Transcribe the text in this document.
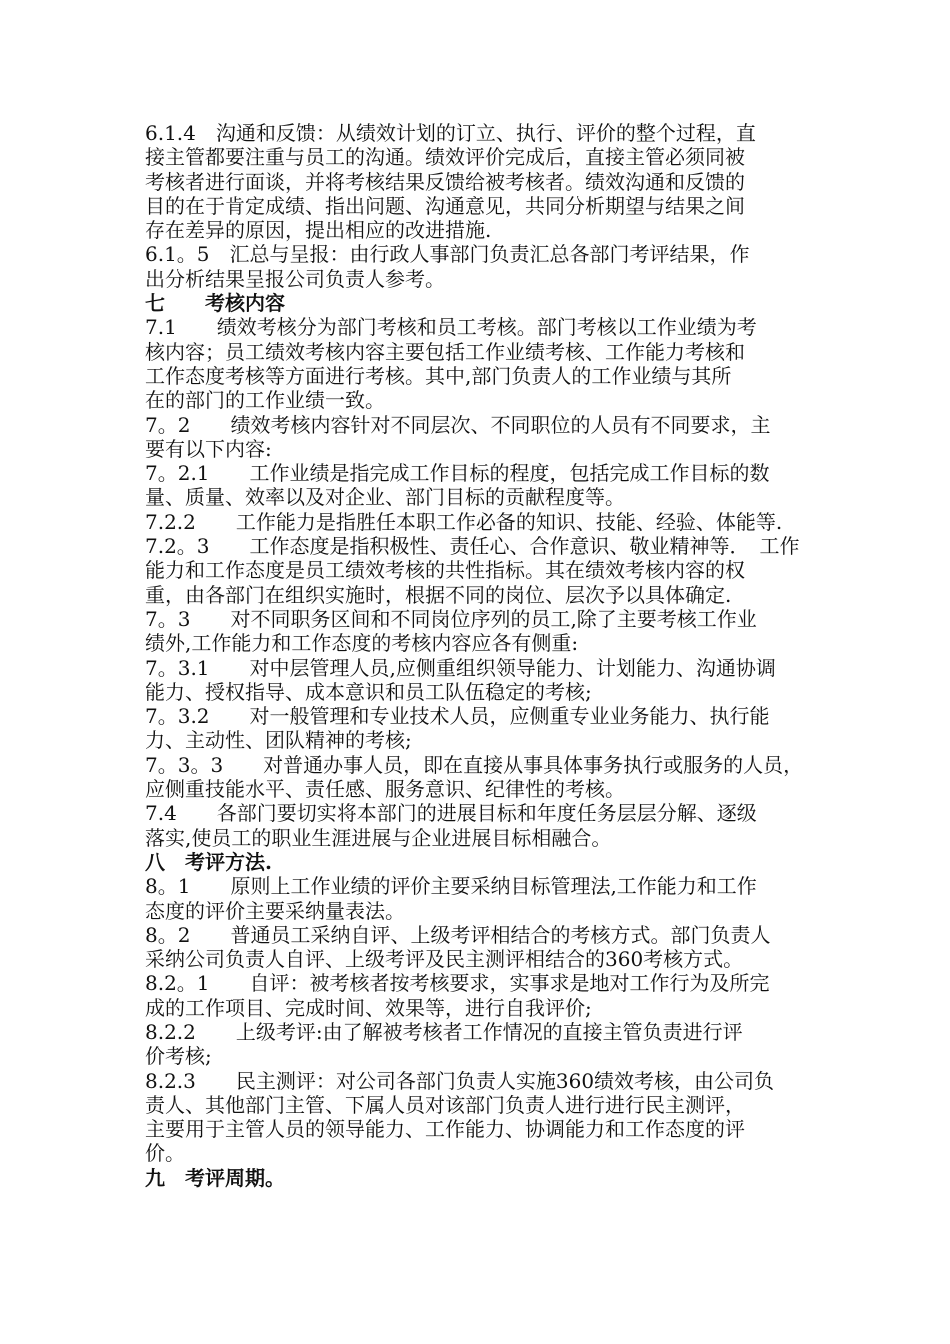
6.1.4　沟通和反馈：从绩效计划的订立、执行、评价的整个过程，直
接主管都要注重与员工的沟通。绩效评价完成后，直接主管必须同被
考核者进行面谈，并将考核结果反馈给被考核者。绩效沟通和反馈的
目的在于肯定成绩、指出问题、沟通意见，共同分析期望与结果之间
存在差异的原因，提出相应的改进措施.
6.1。5　汇总与呈报：由行政人事部门负责汇总各部门考评结果，作
出分析结果呈报公司负责人参考。
七　　考核内容
7.1　　绩效考核分为部门考核和员工考核。部门考核以工作业绩为考
核内容；员工绩效考核内容主要包括工作业绩考核、工作能力考核和
工作态度考核等方面进行考核。其中,部门负责人的工作业绩与其所
在的部门的工作业绩一致。
7。2　　绩效考核内容针对不同层次、不同职位的人员有不同要求，主
要有以下内容:
7。2.1　　工作业绩是指完成工作目标的程度，包括完成工作目标的数
量、质量、效率以及对企业、部门目标的贡献程度等。
7.2.2　　工作能力是指胜任本职工作必备的知识、技能、经验、体能等.
7.2。3　　工作态度是指积极性、责任心、合作意识、敬业精神等．　工作
能力和工作态度是员工绩效考核的共性指标。其在绩效考核内容的权
重，由各部门在组织实施时，根据不同的岗位、层次予以具体确定.
7。3　　对不同职务区间和不同岗位序列的员工,除了主要考核工作业
绩外,工作能力和工作态度的考核内容应各有侧重:
7。3.1　　对中层管理人员,应侧重组织领导能力、计划能力、沟通协调
能力、授权指导、成本意识和员工队伍稳定的考核;
7。3.2　　对一般管理和专业技术人员，应侧重专业业务能力、执行能
力、主动性、团队精神的考核;
7。3。3　　对普通办事人员，即在直接从事具体事务执行或服务的人员，
应侧重技能水平、责任感、服务意识、纪律性的考核。
7.4　　各部门要切实将本部门的进展目标和年度任务层层分解、逐级
落实,使员工的职业生涯进展与企业进展目标相融合。
八　考评方法.
8。1　　原则上工作业绩的评价主要采纳目标管理法,工作能力和工作
态度的评价主要采纳量表法。
8。2　　普通员工采纳自评、上级考评相结合的考核方式。部门负责人
采纳公司负责人自评、上级考评及民主测评相结合的360考核方式。
8.2。1　　自评：被考核者按考核要求，实事求是地对工作行为及所完
成的工作项目、完成时间、效果等，进行自我评价;
8.2.2　　上级考评:由了解被考核者工作情况的直接主管负责进行评
价考核;
8.2.3　　民主测评：对公司各部门负责人实施360绩效考核，由公司负
责人、其他部门主管、下属人员对该部门负责人进行进行民主测评，
主要用于主管人员的领导能力、工作能力、协调能力和工作态度的评
价。
九　考评周期。
